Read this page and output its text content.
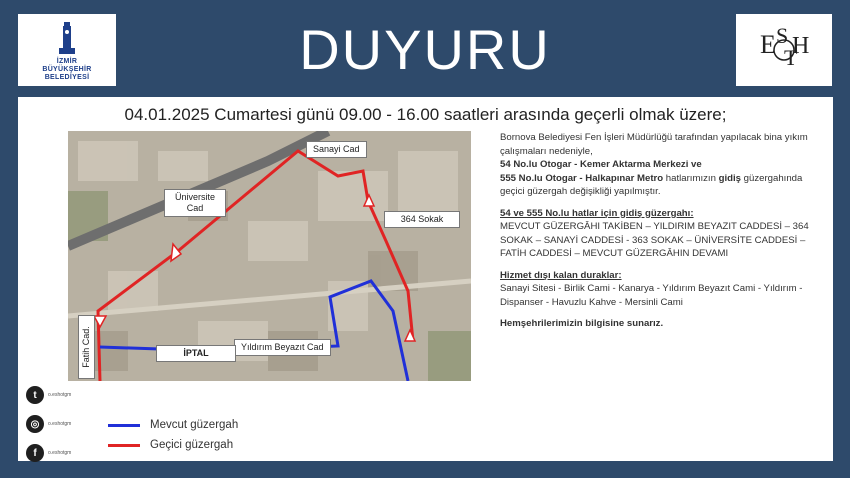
İZMİR
BÜYÜKŞEHİR
BELEDİYESİ	DUYURU	E S
T
H
04.01.2025 Cumartesi günü 09.00 - 16.00 saatleri arasında geçerli olmak üzere;
Sanayi Cad
Üniversite Cad
364 Sokak
Yıldırım Beyazıt Cad
İPTAL
Fatih Cad.

Bornova Belediyesi Fen İşleri Müdürlüğü tarafından yapılacak bina yıkım çalışmaları nedeniyle,
54 No.lu Otogar - Kemer Aktarma Merkezi ve
555 No.lu Otogar - Halkapınar Metro hatlarımızın gidiş güzergahında geçici güzergah değişikliği yapılmıştır.

54 ve 555 No.lu hatlar için gidiş güzergahı:
MEVCUT GÜZERGÂHI TAKİBEN – YILDIRIM BEYAZIT CADDESİ – 364 SOKAK – SANAYİ CADDESİ - 363 SOKAK – ÜNİVERSİTE CADDESİ – FATİH CADDESİ – MEVCUT GÜZERGÂHIN DEVAMI

Hizmet dışı kalan duraklar:
Sanayi Sitesi - Birlik Cami - Kanarya - Yıldırım Beyazıt Cami - Yıldırım - Dispanser - Havuzlu Kahve - Mersinli Cami

Hemşehrilerimizin bilgisine sunarız.

t	o.eshotgm
◎	o.eshotgm
f	o.eshotgm
Mevcut güzergah
Geçici güzergah
